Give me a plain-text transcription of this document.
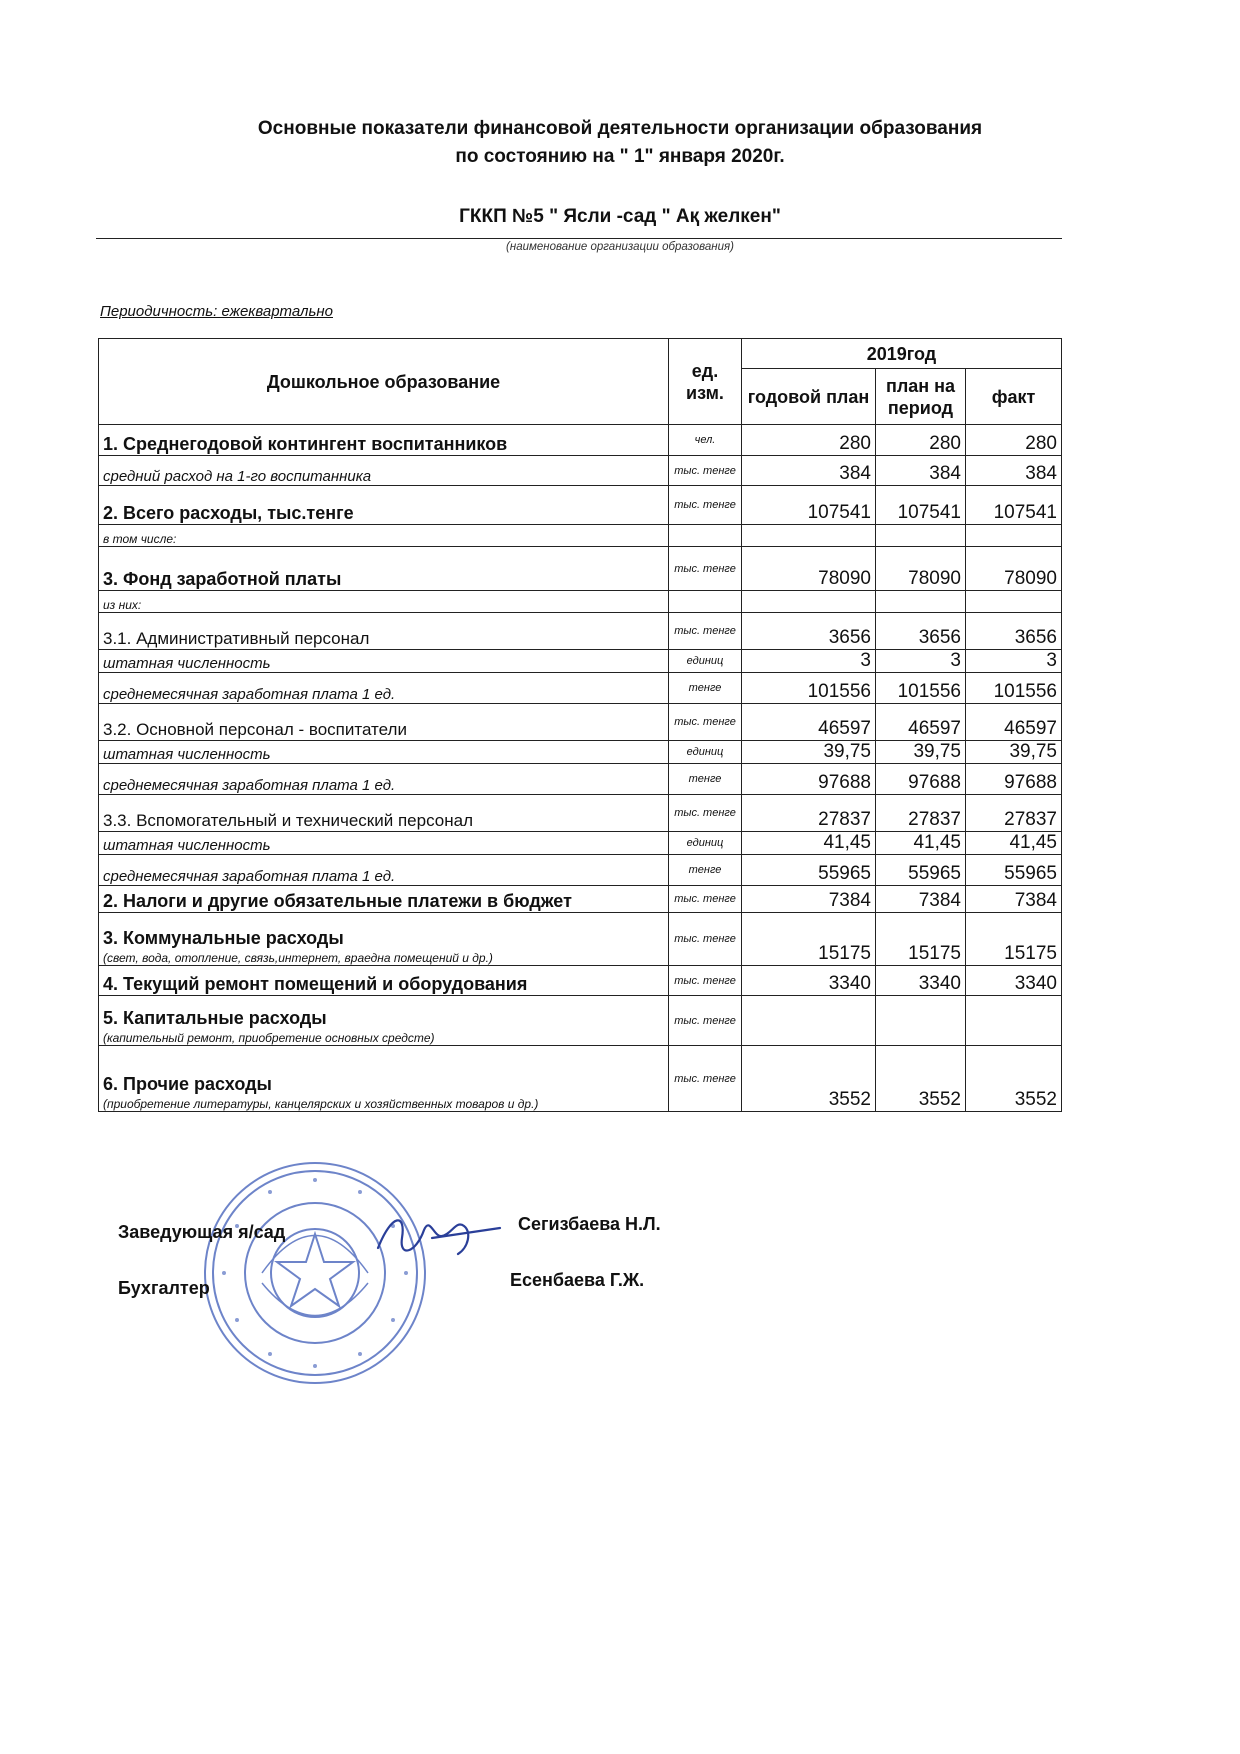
Основные показатели финансовой деятельности организации образования
по состоянию на " 1" января 2020г.
ГККП №5 " Ясли -сад " Ақ желкен"
(наименование организации образования)
Периодичность: ежеквартально
Дошкольное образование	ед. изм.	2019год		
		годовой план	план на период	факт
1. Среднегодовой контингент воспитанников	чел.	280	280	280
средний расход на 1-го воспитанника	тыс. тенге	384	384	384
2. Всего расходы, тыс.тенге	тыс. тенге	107541	107541	107541
в том числе:				
3. Фонд заработной платы	тыс. тенге	78090	78090	78090
из них:				
3.1. Административный персонал	тыс. тенге	3656	3656	3656
штатная численность	единиц	3	3	3
среднемесячная заработная плата 1 ед.	тенге	101556	101556	101556
3.2. Основной персонал - воспитатели	тыс. тенге	46597	46597	46597
штатная численность	единиц	39,75	39,75	39,75
среднемесячная заработная плата 1 ед.	тенге	97688	97688	97688
3.3. Вспомогательный и технический персонал	тыс. тенге	27837	27837	27837
штатная численность	единиц	41,45	41,45	41,45
среднемесячная заработная плата 1 ед.	тенге	55965	55965	55965
2. Налоги и другие обязательные платежи в бюджет	тыс. тенге	7384	7384	7384
3. Коммунальные расходы
(свет, вода, отопление, связь,интернет, враедна помещений и др.)	тыс. тенге	15175	15175	15175
4. Текущий ремонт помещений и оборудования	тыс. тенге	3340	3340	3340
5. Капитальные расходы
(капительный ремонт, приобретение основных средсте)	тыс. тенге			
6. Прочие расходы
(приобретение литературы, канцелярских и хозяйственных товаров и др.)	тыс. тенге	3552	3552	3552
Заведующая я/сад	Сегизбаева Н.Л.
Бухгалтер	Есенбаева Г.Ж.
